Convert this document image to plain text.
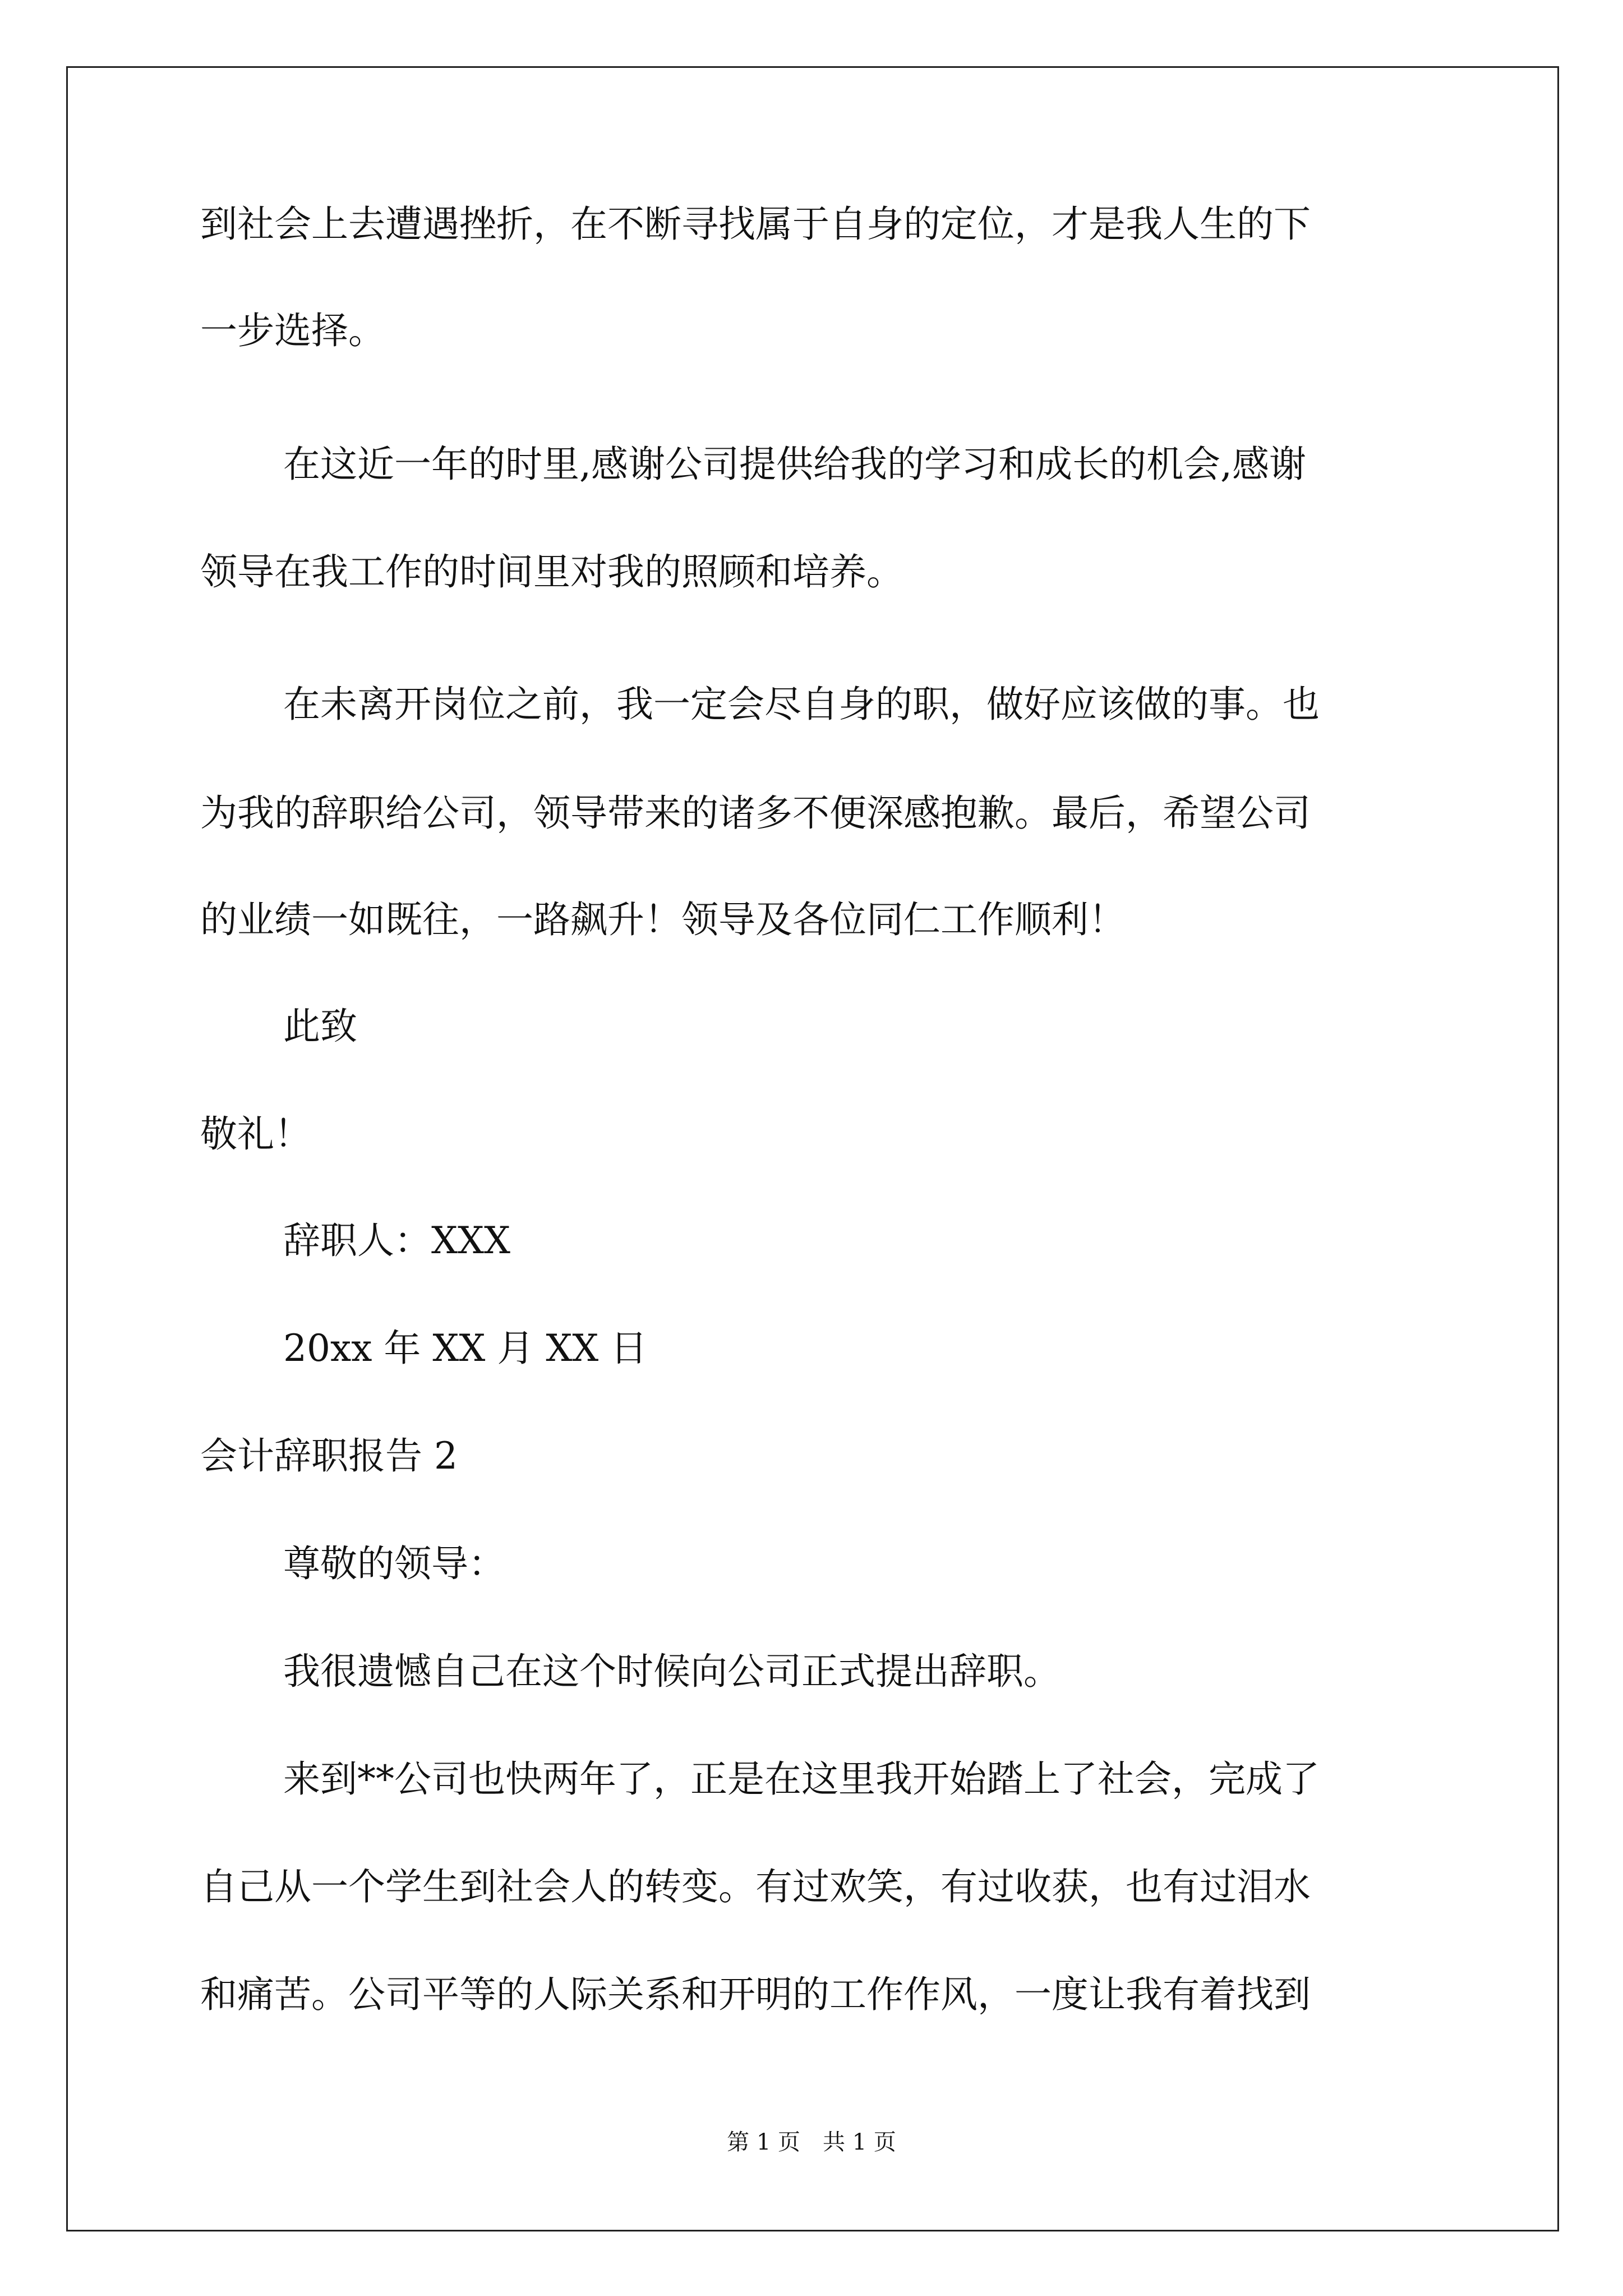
到社会上去遭遇挫折，在不断寻找属于自身的定位，才是我人生的下
一步选择。
在这近一年的时里,感谢公司提供给我的学习和成长的机会,感谢
领导在我工作的时间里对我的照顾和培养。
在未离开岗位之前，我一定会尽自身的职，做好应该做的事。也
为我的辞职给公司，领导带来的诸多不便深感抱歉。最后，希望公司
的业绩一如既往，一路飙升！领导及各位同仁工作顺利！
此致
敬礼！
辞职人：XXX
20xx 年 XX 月 XX 日
会计辞职报告 2
尊敬的领导：
我很遗憾自己在这个时候向公司正式提出辞职。
来到**公司也快两年了，正是在这里我开始踏上了社会，完成了
自己从一个学生到社会人的转变。有过欢笑，有过收获，也有过泪水
和痛苦。公司平等的人际关系和开明的工作作风，一度让我有着找到
第 1 页　共 1 页
